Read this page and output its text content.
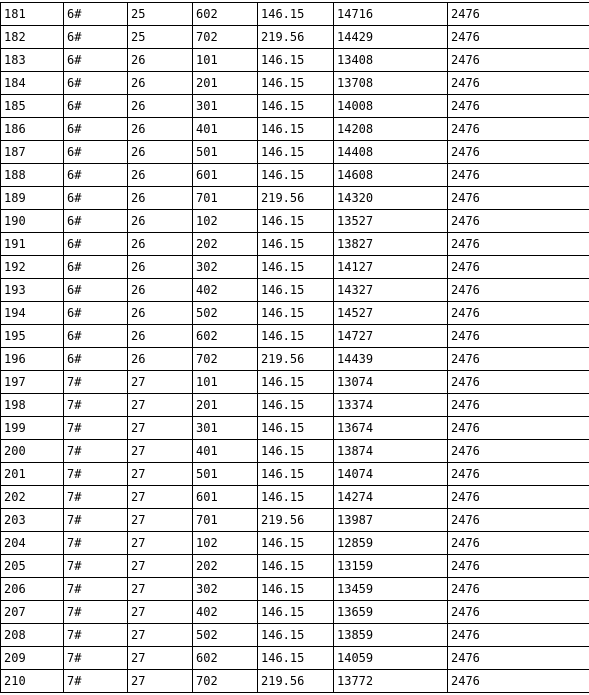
181	6#	25	602	146.15	14716	2476
182	6#	25	702	219.56	14429	2476
183	6#	26	101	146.15	13408	2476
184	6#	26	201	146.15	13708	2476
185	6#	26	301	146.15	14008	2476
186	6#	26	401	146.15	14208	2476
187	6#	26	501	146.15	14408	2476
188	6#	26	601	146.15	14608	2476
189	6#	26	701	219.56	14320	2476
190	6#	26	102	146.15	13527	2476
191	6#	26	202	146.15	13827	2476
192	6#	26	302	146.15	14127	2476
193	6#	26	402	146.15	14327	2476
194	6#	26	502	146.15	14527	2476
195	6#	26	602	146.15	14727	2476
196	6#	26	702	219.56	14439	2476
197	7#	27	101	146.15	13074	2476
198	7#	27	201	146.15	13374	2476
199	7#	27	301	146.15	13674	2476
200	7#	27	401	146.15	13874	2476
201	7#	27	501	146.15	14074	2476
202	7#	27	601	146.15	14274	2476
203	7#	27	701	219.56	13987	2476
204	7#	27	102	146.15	12859	2476
205	7#	27	202	146.15	13159	2476
206	7#	27	302	146.15	13459	2476
207	7#	27	402	146.15	13659	2476
208	7#	27	502	146.15	13859	2476
209	7#	27	602	146.15	14059	2476
210	7#	27	702	219.56	13772	2476
